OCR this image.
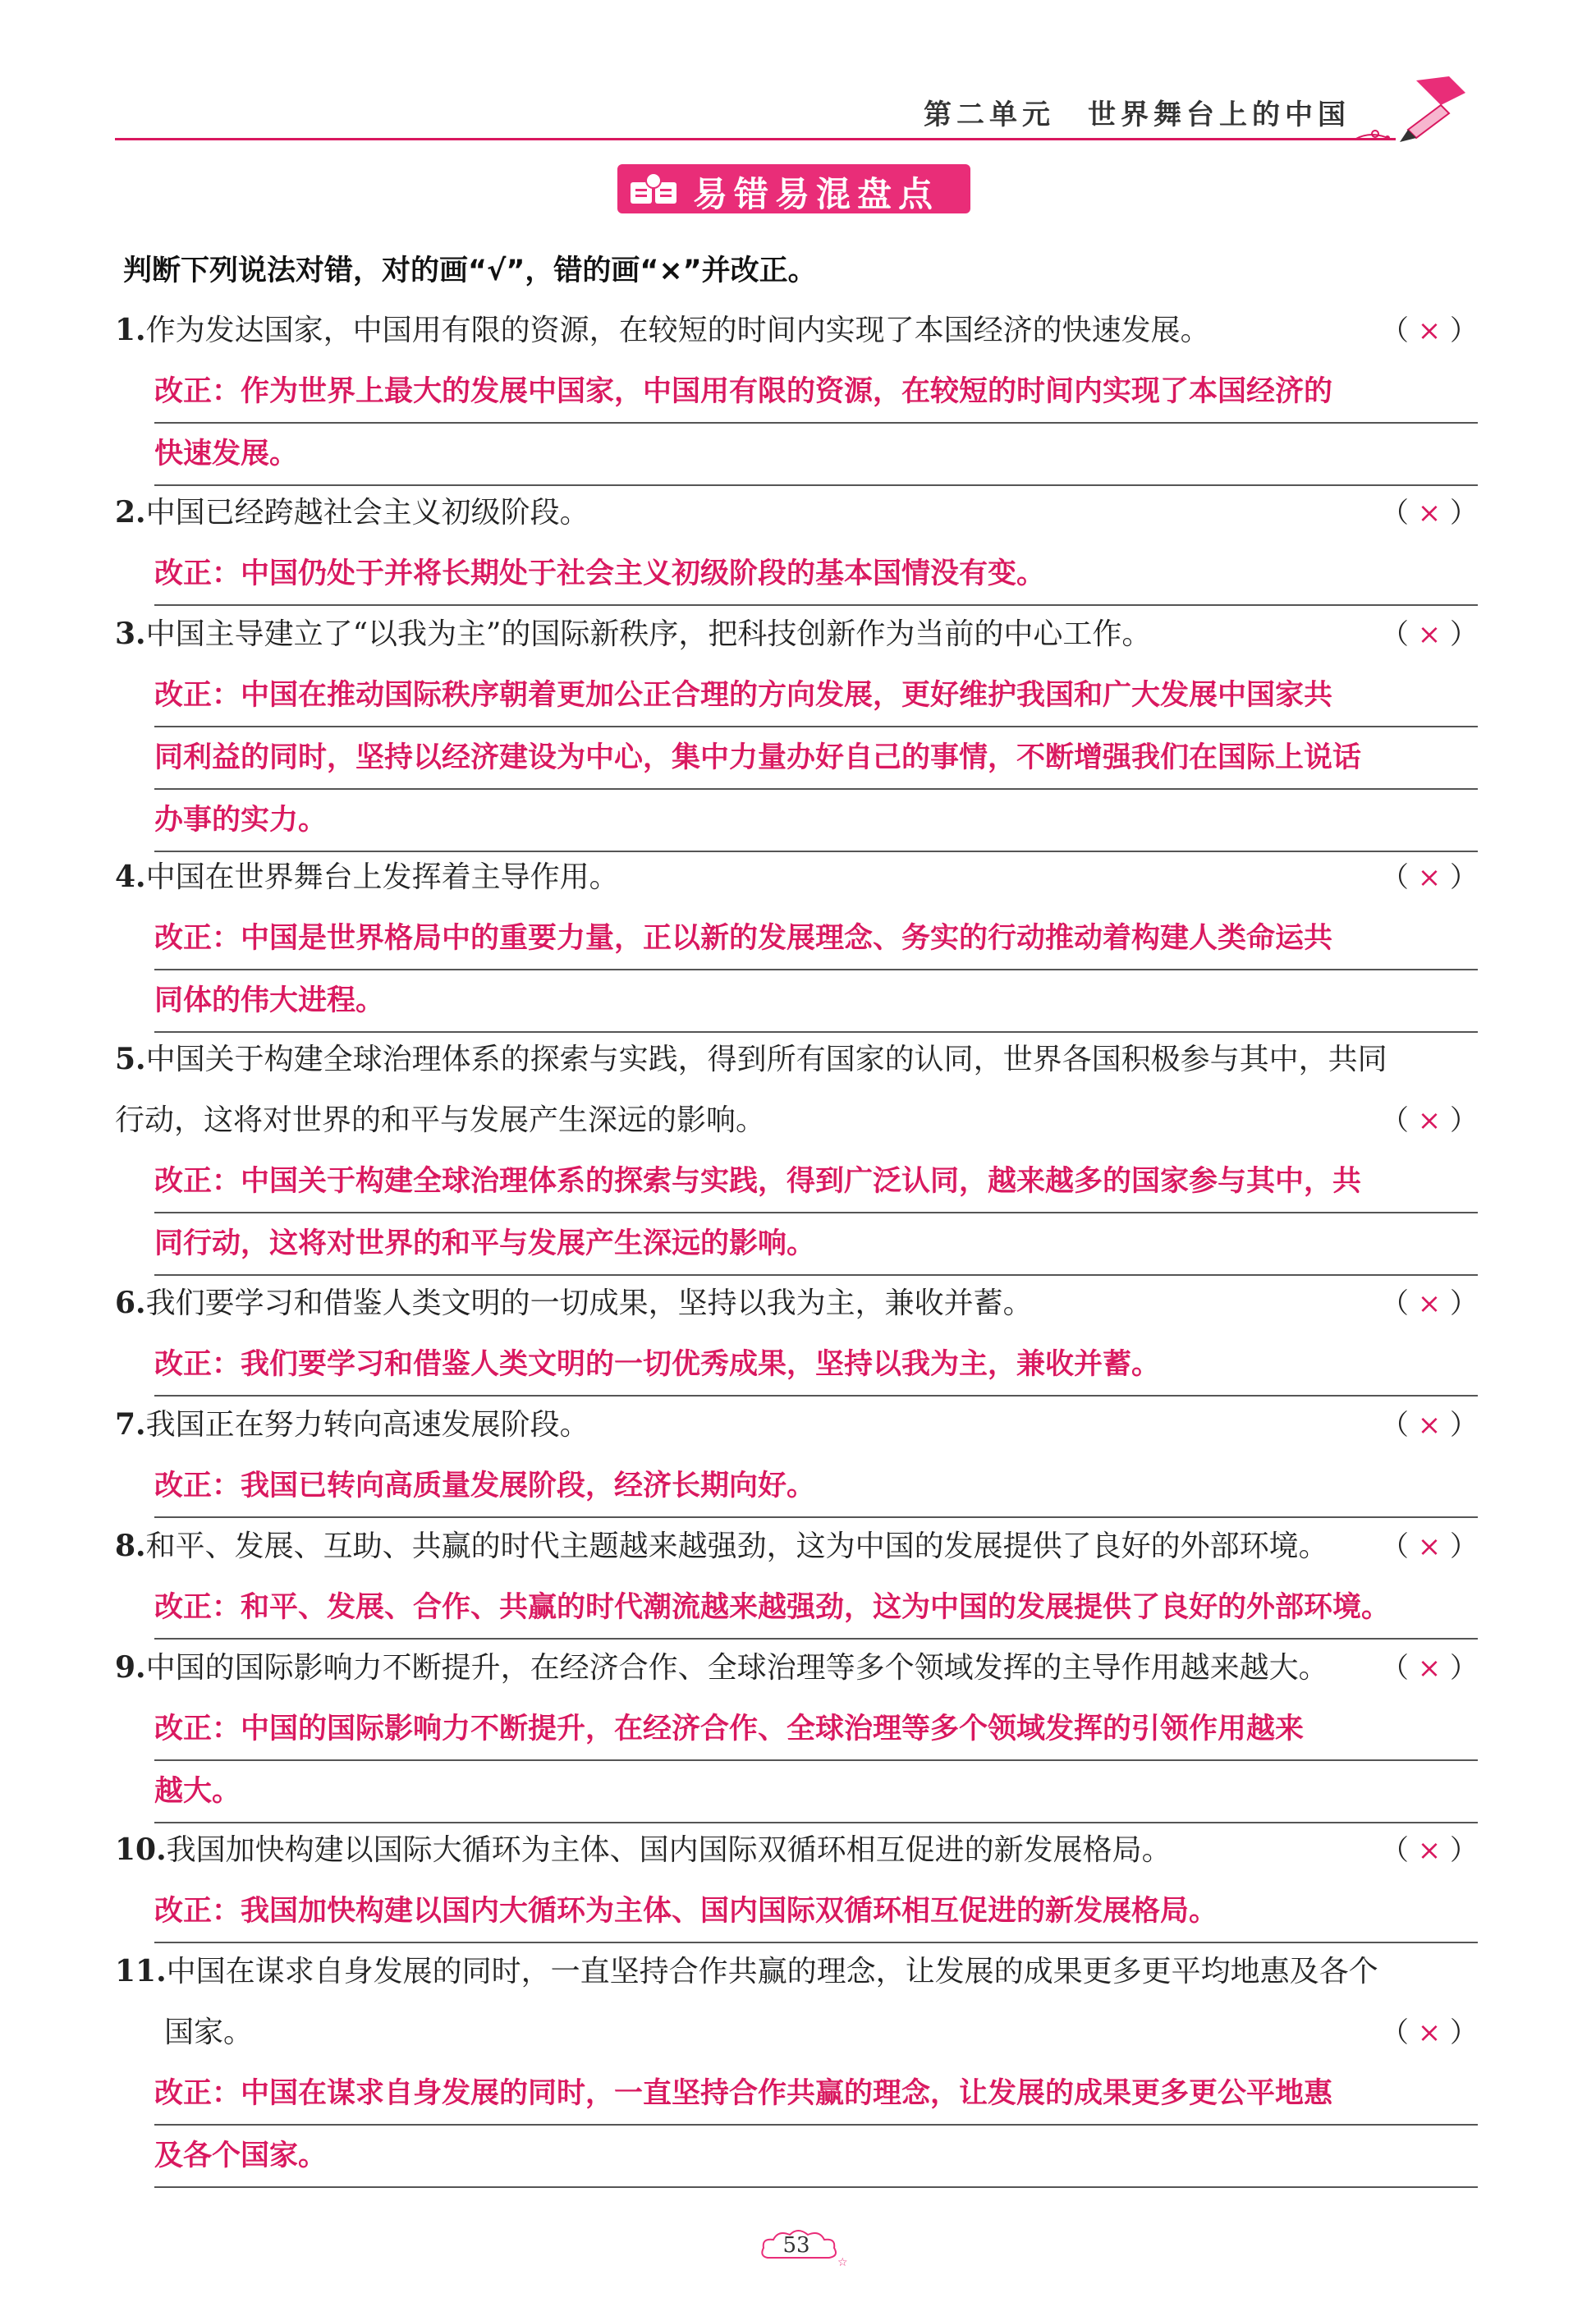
第二单元　世界舞台上的中国
易错易混盘点
判断下列说法对错，对的画“√”，错的画“×”并改正。
1.作为发达国家，中国用有限的资源，在较短的时间内实现了本国经济的快速发展。	（ × ）
改正：作为世界上最大的发展中国家，中国用有限的资源，在较短的时间内实现了本国经济的
快速发展。
2.中国已经跨越社会主义初级阶段。	（ × ）
改正：中国仍处于并将长期处于社会主义初级阶段的基本国情没有变。
3.中国主导建立了“以我为主”的国际新秩序，把科技创新作为当前的中心工作。	（ × ）
改正：中国在推动国际秩序朝着更加公正合理的方向发展，更好维护我国和广大发展中国家共
同利益的同时，坚持以经济建设为中心，集中力量办好自己的事情，不断增强我们在国际上说话
办事的实力。
4.中国在世界舞台上发挥着主导作用。	（ × ）
改正：中国是世界格局中的重要力量，正以新的发展理念、务实的行动推动着构建人类命运共
同体的伟大进程。
5.中国关于构建全球治理体系的探索与实践，得到所有国家的认同，世界各国积极参与其中，共同
行动，这将对世界的和平与发展产生深远的影响。	（ × ）
改正：中国关于构建全球治理体系的探索与实践，得到广泛认同，越来越多的国家参与其中，共
同行动，这将对世界的和平与发展产生深远的影响。
6.我们要学习和借鉴人类文明的一切成果，坚持以我为主，兼收并蓄。	（ × ）
改正：我们要学习和借鉴人类文明的一切优秀成果，坚持以我为主，兼收并蓄。
7.我国正在努力转向高速发展阶段。	（ × ）
改正：我国已转向高质量发展阶段，经济长期向好。
8.和平、发展、互助、共赢的时代主题越来越强劲，这为中国的发展提供了良好的外部环境。 （ × ）
改正：和平、发展、合作、共赢的时代潮流越来越强劲，这为中国的发展提供了良好的外部环境。
9.中国的国际影响力不断提升，在经济合作、全球治理等多个领域发挥的主导作用越来越大。 （ × ）
改正：中国的国际影响力不断提升，在经济合作、全球治理等多个领域发挥的引领作用越来
越大。
10.我国加快构建以国际大循环为主体、国内国际双循环相互促进的新发展格局。	（ × ）
改正：我国加快构建以国内大循环为主体、国内国际双循环相互促进的新发展格局。
11.中国在谋求自身发展的同时，一直坚持合作共赢的理念，让发展的成果更多更平均地惠及各个
国家。	（ × ）
改正：中国在谋求自身发展的同时，一直坚持合作共赢的理念，让发展的成果更多更公平地惠
及各个国家。
☆
53
